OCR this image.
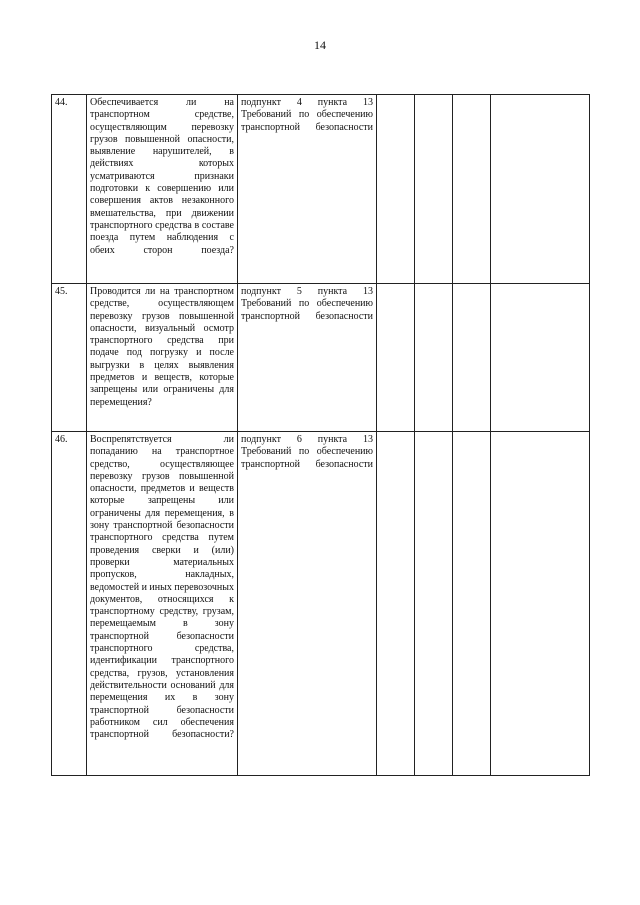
14
44.	Обеспечивается ли на транспортном средстве, осуществляющим перевозку грузов повышенной опасности, выявление нарушителей, в действиях которых усматриваются признаки подготовки к совершению или совершения актов незаконного вмешательства, при движении транспортного средства в составе поезда путем наблюдения с обеих сторон поезда?	подпункт 4 пункта 13 Требований по обеспечению транспортной безопасности				
45.	Проводится ли на транспортном средстве, осуществляющем перевозку грузов повышенной опасности, визуальный осмотр транспортного средства при подаче под погрузку и после выгрузки в целях выявления предметов и веществ, которые запрещены или ограничены для перемещения?	подпункт 5 пункта 13 Требований по обеспечению транспортной безопасности				
46.	Воспрепятствуется ли попаданию на транспортное средство, осуществляющее перевозку грузов повышенной опасности, предметов и веществ которые запрещены или ограничены для перемещения, в зону транспортной безопасности транспортного средства путем проведения сверки и (или) проверки материальных пропусков, накладных, ведомостей и иных перевозочных документов, относящихся к транспортному средству, грузам, перемещаемым в зону транспортной безопасности транспортного средства, идентификации транспортного средства, грузов, установления действительности оснований для перемещения их в зону транспортной безопасности работником сил обеспечения транспортной безопасности?	подпункт 6 пункта 13 Требований по обеспечению транспортной безопасности				
